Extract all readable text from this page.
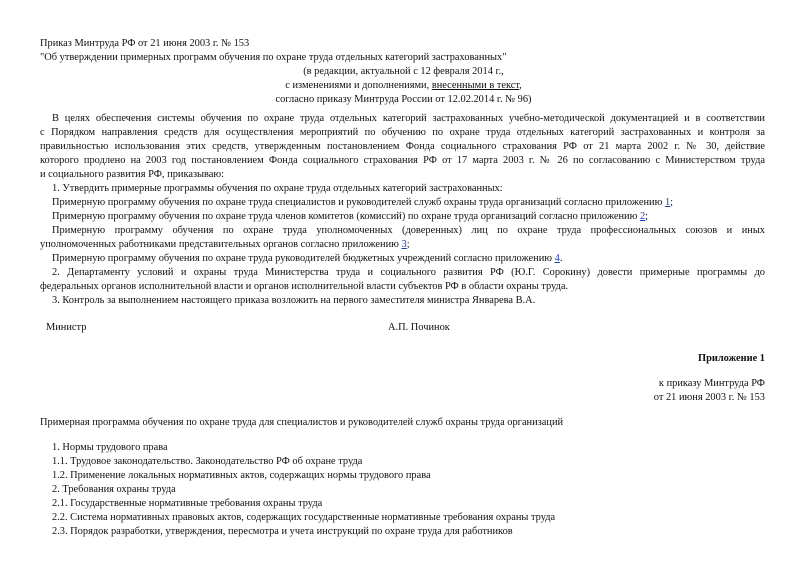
Приказ Минтруда РФ от 21 июня 2003 г. № 153
"Об утверждении примерных программ обучения по охране труда отдельных категорий застрахованных"
(в редакции, актуальной с 12 февраля 2014 г.,
с изменениями и дополнениями, внесенными в текст,
согласно приказу Минтруда России от 12.02.2014 г. № 96)
В целях обеспечения системы обучения по охране труда отдельных категорий застрахованных учебно-методической документацией и в соответствии
с Порядком направления средств для осуществления мероприятий по обучению по охране труда отдельных категорий застрахованных и контроля за
правильностью использования этих средств, утвержденным постановлением Фонда социального страхования РФ от 21 марта 2002 г. № 30, действие
которого продлено на 2003 год постановлением Фонда социального страхования РФ от 17 марта 2003 г. № 26 по согласованию с Министерством труда
и социального развития РФ, приказываю:
1. Утвердить примерные программы обучения по охране труда отдельных категорий застрахованных:
Примерную программу обучения по охране труда специалистов и руководителей служб охраны труда организаций согласно приложению 1;
Примерную программу обучения по охране труда членов комитетов (комиссий) по охране труда организаций согласно приложению 2;
Примерную программу обучения по охране труда уполномоченных (доверенных) лиц по охране труда профессиональных союзов и иных
уполномоченных работниками представительных органов согласно приложению 3;
Примерную программу обучения по охране труда руководителей бюджетных учреждений согласно приложению 4.
2. Департаменту условий и охраны труда Министерства труда и социального развития РФ (Ю.Г. Сорокину) довести примерные программы до
федеральных органов исполнительной власти и органов исполнительной власти субъектов РФ в области охраны труда.
3. Контроль за выполнением настоящего приказа возложить на первого заместителя министра Январева В.А.
Министр	А.П. Починок
Приложение 1
к приказу Минтруда РФ
от 21 июня 2003 г. № 153
Примерная программа обучения по охране труда для специалистов и руководителей служб охраны труда организаций
1. Нормы трудового права
1.1. Трудовое законодательство. Законодательство РФ об охране труда
1.2. Применение локальных нормативных актов, содержащих нормы трудового права
2. Требования охраны труда
2.1. Государственные нормативные требования охраны труда
2.2. Система нормативных правовых актов, содержащих государственные нормативные требования охраны труда
2.3. Порядок разработки, утверждения, пересмотра и учета инструкций по охране труда для работников
